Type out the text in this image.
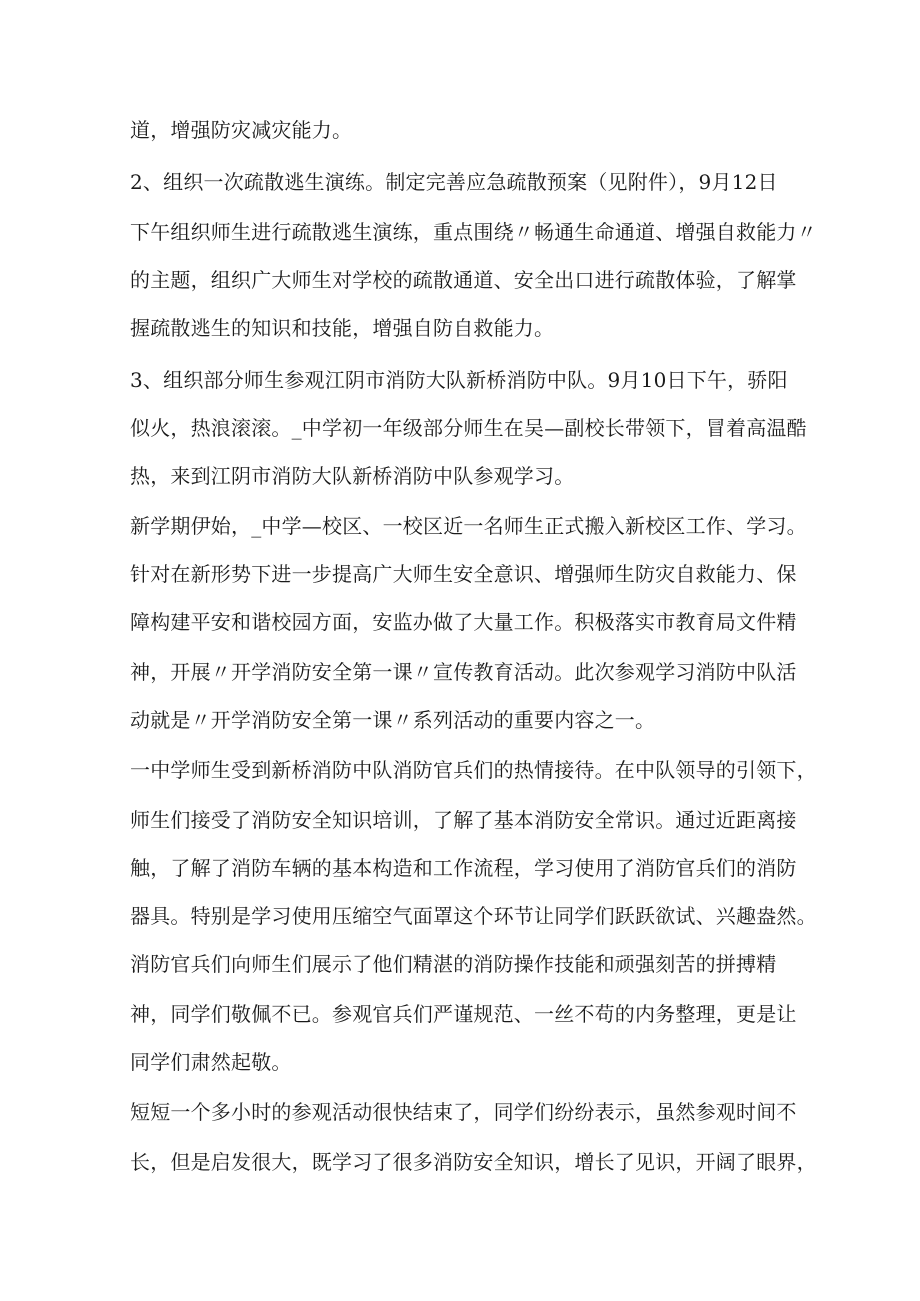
道，增强防灾减灾能力。

2、组织一次疏散逃生演练。制定完善应急疏散预案（见附件），9月12日

下午组织师生进行疏散逃生演练，重点围绕〃畅通生命通道、增强自救能力〃

的主题，组织广大师生对学校的疏散通道、安全出口进行疏散体验，了解掌

握疏散逃生的知识和技能，增强自防自救能力。

3、组织部分师生参观江阴市消防大队新桥消防中队。9月10日下午，骄阳

似火，热浪滚滚。_中学初一年级部分师生在吴—副校长带领下，冒着高温酷

热，来到江阴市消防大队新桥消防中队参观学习。

新学期伊始，_中学—校区、一校区近一名师生正式搬入新校区工作、学习。

针对在新形势下进一步提高广大师生安全意识、增强师生防灾自救能力、保

障构建平安和谐校园方面，安监办做了大量工作。积极落实市教育局文件精

神，开展〃开学消防安全第一课〃宣传教育活动。此次参观学习消防中队活

动就是〃开学消防安全第一课〃系列活动的重要内容之一。

一中学师生受到新桥消防中队消防官兵们的热情接待。在中队领导的引领下，

师生们接受了消防安全知识培训，了解了基本消防安全常识。通过近距离接

触，了解了消防车辆的基本构造和工作流程，学习使用了消防官兵们的消防

器具。特别是学习使用压缩空气面罩这个环节让同学们跃跃欲试、兴趣盎然。

消防官兵们向师生们展示了他们精湛的消防操作技能和顽强刻苦的拼搏精

神，同学们敬佩不已。参观官兵们严谨规范、一丝不苟的内务整理，更是让

同学们肃然起敬。

短短一个多小时的参观活动很快结束了，同学们纷纷表示，虽然参观时间不

长，但是启发很大，既学习了很多消防安全知识，增长了见识，开阔了眼界，
